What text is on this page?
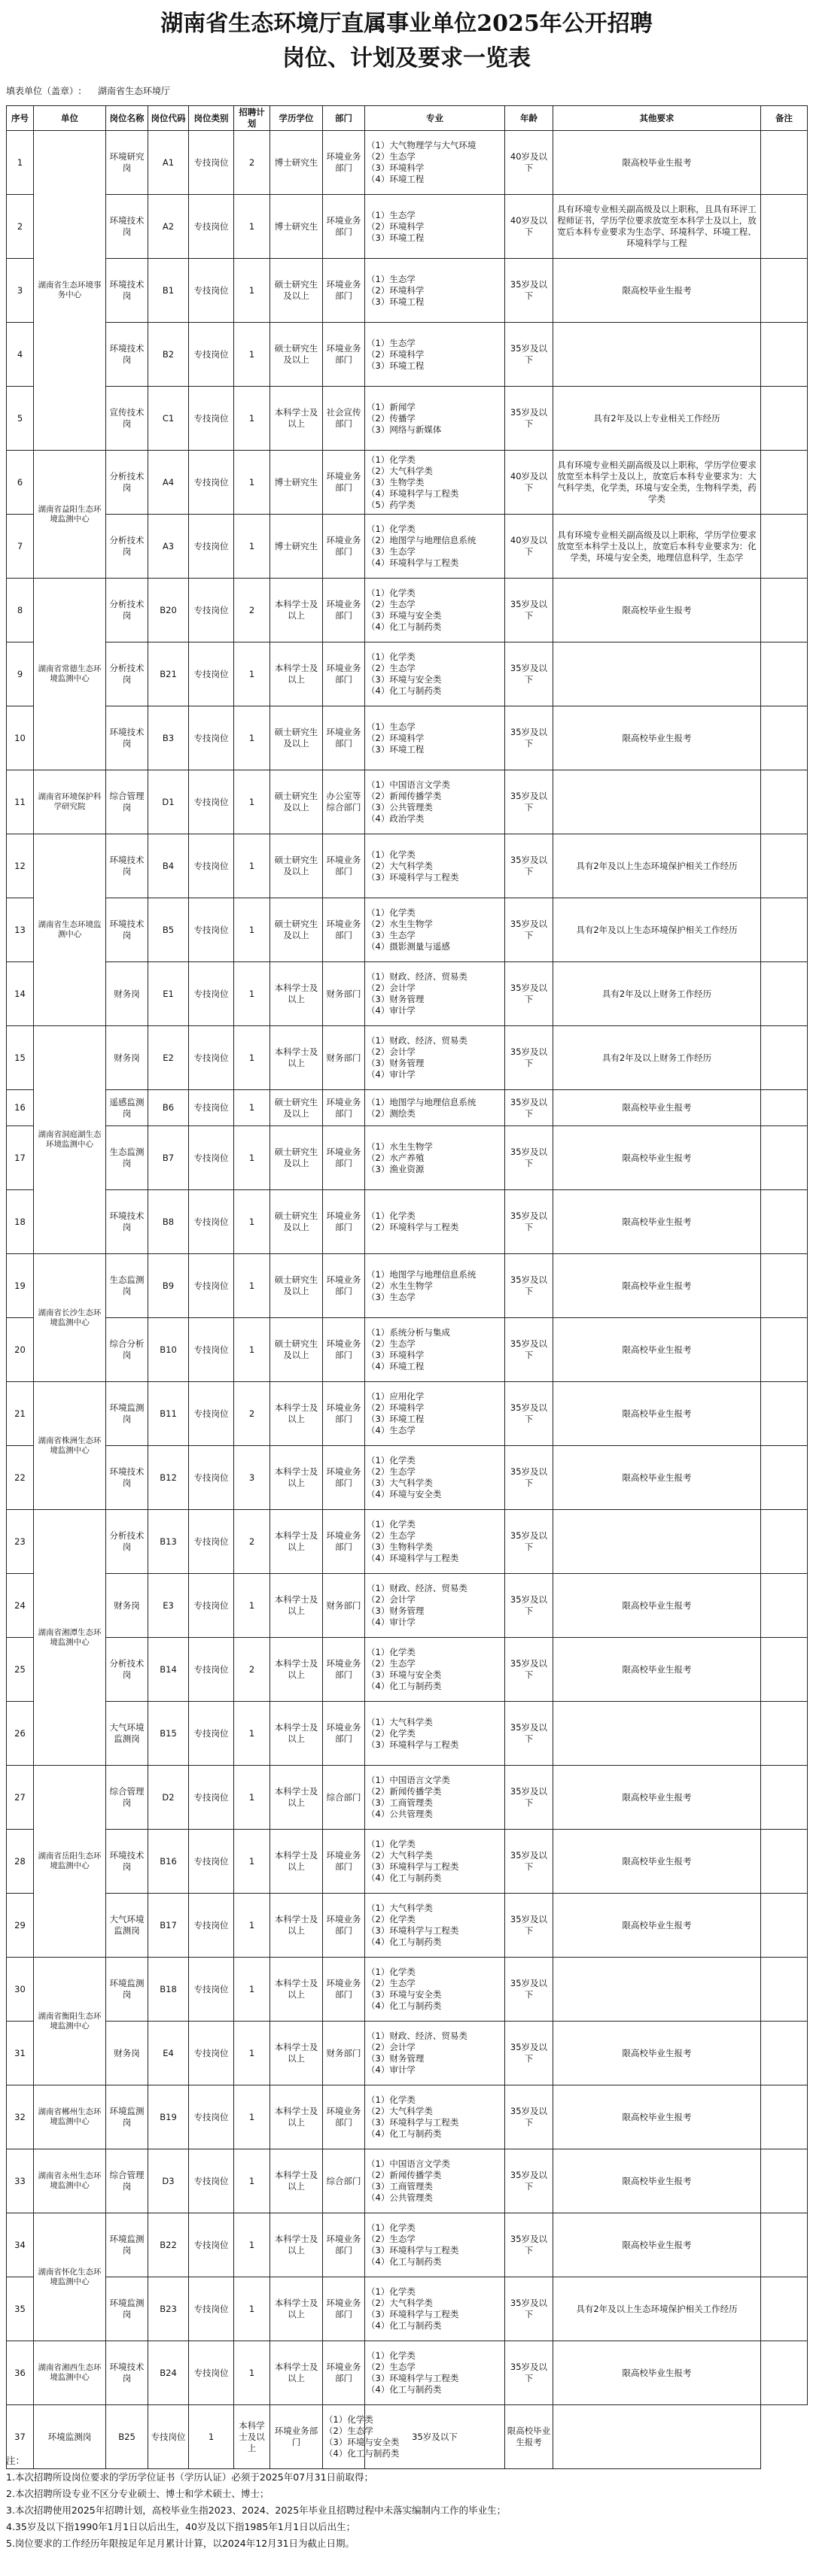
湖南省生态环境厅直属事业单位2025年公开招聘
岗位、计划及要求一览表
填表单位（盖章）: 湖南省生态环境厅
序号	单位	岗位名称	岗位代码	岗位类别	招聘计划	学历学位	部门	专业	年龄	其他要求	备注
1	湖南省生态环境事务中心	环境研究岗	A1	专技岗位	2	博士研究生	环境业务部门	（1）大气物理学与大气环境
（2）生态学
（3）环境科学
（4）环境工程	40岁及以下	限高校毕业生报考	
2		环境技术岗	A2	专技岗位	1	博士研究生	环境业务部门	（1）生态学
（2）环境科学
（3）环境工程	40岁及以下	具有环境专业相关副高级及以上职称，且具有环评工程师证书，学历学位要求放宽至本科学士及以上，放宽后本科专业要求为生态学、环境科学、环境工程、环境科学与工程	
3		环境技术岗	B1	专技岗位	1	硕士研究生及以上	环境业务部门	（1）生态学
（2）环境科学
（3）环境工程	35岁及以下	限高校毕业生报考	
4		环境技术岗	B2	专技岗位	1	硕士研究生及以上	环境业务部门	（1）生态学
（2）环境科学
（3）环境工程	35岁及以下		
5		宣传技术岗	C1	专技岗位	1	本科学士及以上	社会宣传部门	（1）新闻学
（2）传播学
（3）网络与新媒体	35岁及以下	具有2年及以上专业相关工作经历	
6	湖南省益阳生态环境监测中心	分析技术岗	A4	专技岗位	1	博士研究生	环境业务部门	（1）化学类
（2）大气科学类
（3）生物学类
（4）环境科学与工程类
（5）药学类	40岁及以下	具有环境专业相关副高级及以上职称，学历学位要求放宽至本科学士及以上，放宽后本科专业要求为：大气科学类，化学类，环境与安全类，生物科学类，药学类	
7		分析技术岗	A3	专技岗位	1	博士研究生	环境业务部门	（1）化学类
（2）地图学与地理信息系统
（3）生态学
（4）环境科学与工程类	40岁及以下	具有环境专业相关副高级及以上职称，学历学位要求放宽至本科学士及以上，放宽后本科专业要求为：化学类，环境与安全类，地理信息科学，生态学	
8	湖南省常德生态环境监测中心	分析技术岗	B20	专技岗位	2	本科学士及以上	环境业务部门	（1）化学类
（2）生态学
（3）环境与安全类
（4）化工与制药类	35岁及以下	限高校毕业生报考	
9		分析技术岗	B21	专技岗位	1	本科学士及以上	环境业务部门	（1）化学类
（2）生态学
（3）环境与安全类
（4）化工与制药类	35岁及以下		
10		环境技术岗	B3	专技岗位	1	硕士研究生及以上	环境业务部门	（1）生态学
（2）环境科学
（3）环境工程	35岁及以下	限高校毕业生报考	
11	湖南省环境保护科学研究院	综合管理岗	D1	专技岗位	1	硕士研究生及以上	办公室等综合部门	（1）中国语言文学类
（2）新闻传播学类
（3）公共管理类
（4）政治学类	35岁及以下		
12	湖南省生态环境监测中心	环境技术岗	B4	专技岗位	1	硕士研究生及以上	环境业务部门	（1）化学类
（2）大气科学类
（3）环境科学与工程类	35岁及以下	具有2年及以上生态环境保护相关工作经历	
13		环境技术岗	B5	专技岗位	1	硕士研究生及以上	环境业务部门	（1）化学类
（2）水生生物学
（3）生态学
（4）摄影测量与遥感	35岁及以下	具有2年及以上生态环境保护相关工作经历	
14		财务岗	E1	专技岗位	1	本科学士及以上	财务部门	（1）财政、经济、贸易类
（2）会计学
（3）财务管理
（4）审计学	35岁及以下	具有2年及以上财务工作经历	
15	湖南省洞庭湖生态环境监测中心	财务岗	E2	专技岗位	1	本科学士及以上	财务部门	（1）财政、经济、贸易类
（2）会计学
（3）财务管理
（4）审计学	35岁及以下	具有2年及以上财务工作经历	
16		遥感监测岗	B6	专技岗位	1	硕士研究生及以上	环境业务部门	（1）地图学与地理信息系统
（2）测绘类	35岁及以下	限高校毕业生报考	
17		生态监测岗	B7	专技岗位	1	硕士研究生及以上	环境业务部门	（1）水生生物学
（2）水产养殖
（3）渔业资源	35岁及以下	限高校毕业生报考	
18		环境技术岗	B8	专技岗位	1	硕士研究生及以上	环境业务部门	（1）化学类
（2）环境科学与工程类	35岁及以下	限高校毕业生报考	
19	湖南省长沙生态环境监测中心	生态监测岗	B9	专技岗位	1	硕士研究生及以上	环境业务部门	（1）地图学与地理信息系统
（2）水生生物学
（3）生态学	35岁及以下	限高校毕业生报考	
20		综合分析岗	B10	专技岗位	1	硕士研究生及以上	环境业务部门	（1）系统分析与集成
（2）生态学
（3）环境科学
（4）环境工程	35岁及以下	限高校毕业生报考	
21	湖南省株洲生态环境监测中心	环境监测岗	B11	专技岗位	2	本科学士及以上	环境业务部门	（1）应用化学
（2）环境科学
（3）环境工程
（4）生态学	35岁及以下	限高校毕业生报考	
22		环境技术岗	B12	专技岗位	3	本科学士及以上	环境业务部门	（1）化学类
（2）生态学
（3）大气科学类
（4）环境与安全类	35岁及以下	限高校毕业生报考	
23	湖南省湘潭生态环境监测中心	分析技术岗	B13	专技岗位	2	本科学士及以上	环境业务部门	（1）化学类
（2）生态学
（3）生物科学类
（4）环境科学与工程类	35岁及以下		
24		财务岗	E3	专技岗位	1	本科学士及以上	财务部门	（1）财政、经济、贸易类
（2）会计学
（3）财务管理
（4）审计学	35岁及以下	限高校毕业生报考	
25		分析技术岗	B14	专技岗位	2	本科学士及以上	环境业务部门	（1）化学类
（2）生态学
（3）环境与安全类
（4）化工与制药类	35岁及以下	限高校毕业生报考	
26		大气环境监测岗	B15	专技岗位	1	本科学士及以上	环境业务部门	（1）大气科学类
（2）化学类
（3）环境科学与工程类	35岁及以下		
27	湖南省岳阳生态环境监测中心	综合管理岗	D2	专技岗位	1	本科学士及以上	综合部门	（1）中国语言文学类
（2）新闻传播学类
（3）工商管理类
（4）公共管理类	35岁及以下	限高校毕业生报考	
28		环境技术岗	B16	专技岗位	1	本科学士及以上	环境业务部门	（1）化学类
（2）大气科学类
（3）环境科学与工程类
（4）化工与制药类	35岁及以下	限高校毕业生报考	
29		大气环境监测岗	B17	专技岗位	1	本科学士及以上	环境业务部门	（1）大气科学类
（2）化学类
（3）环境科学与工程类
（4）化工与制药类	35岁及以下	限高校毕业生报考	
30	湖南省衡阳生态环境监测中心	环境监测岗	B18	专技岗位	1	本科学士及以上	环境业务部门	（1）化学类
（2）生态学
（3）环境与安全类
（4）化工与制药类	35岁及以下		
31		财务岗	E4	专技岗位	1	本科学士及以上	财务部门	（1）财政、经济、贸易类
（2）会计学
（3）财务管理
（4）审计学	35岁及以下	限高校毕业生报考	
32	湖南省郴州生态环境监测中心	环境监测岗	B19	专技岗位	1	本科学士及以上	环境业务部门	（1）化学类
（2）大气科学类
（3）环境科学与工程类
（4）化工与制药类	35岁及以下	限高校毕业生报考	
33	湖南省永州生态环境监测中心	综合管理岗	D3	专技岗位	1	本科学士及以上	综合部门	（1）中国语言文学类
（2）新闻传播学类
（3）工商管理类
（4）公共管理类	35岁及以下	限高校毕业生报考	
34	湖南省怀化生态环境监测中心	环境监测岗	B22	专技岗位	1	本科学士及以上	环境业务部门	（1）化学类
（2）生态学
（3）环境科学与工程类
（4）化工与制药类	35岁及以下	限高校毕业生报考	
35		环境监测岗	B23	专技岗位	1	本科学士及以上	环境业务部门	（1）化学类
（2）大气科学类
（3）环境科学与工程类
（4）化工与制药类	35岁及以下	具有2年及以上生态环境保护相关工作经历	
36	湖南省湘西生态环境监测中心	环境技术岗	B24	专技岗位	1	本科学士及以上	环境业务部门	（1）化学类
（2）生态学
（3）环境科学与工程类
（4）化工与制药类	35岁及以下	限高校毕业生报考	
37	环境监测岗	B25	专技岗位	1	本科学士及以上	环境业务部门	（1）化学类
（2）生态学
（3）环境与安全类
（4）化工与制药类	35岁及以下	限高校毕业生报考		
注：
1.本次招聘所设岗位要求的学历学位证书（学历认证）必须于2025年07月31日前取得；
2.本次招聘所设专业不区分专业硕士、博士和学术硕士、博士；
3.本次招聘使用2025年招聘计划，高校毕业生指2023、2024、2025年毕业且招聘过程中未落实编制内工作的毕业生；
4.35岁及以下指1990年1月1日以后出生，40岁及以下指1985年1月1日以后出生；
5.岗位要求的工作经历年限按足年足月累计计算，以2024年12月31日为截止日期。
